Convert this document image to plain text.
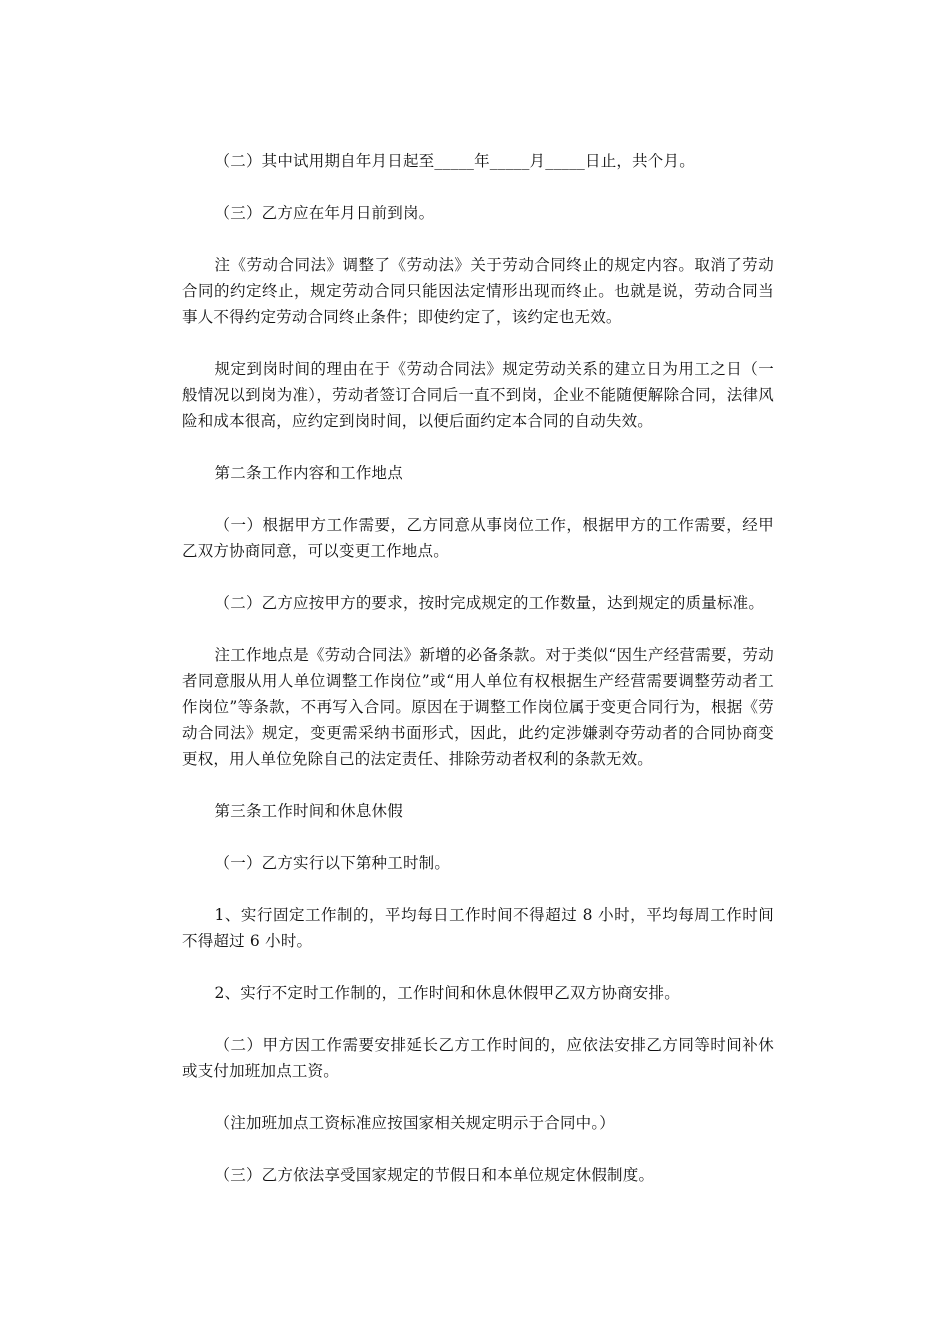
（二）其中试用期自年月日起至_____年_____月_____日止，共个月。

（三）乙方应在年月日前到岗。

注《劳动合同法》调整了《劳动法》关于劳动合同终止的规定内容。取消了劳动合同的约定终止，规定劳动合同只能因法定情形出现而终止。也就是说，劳动合同当事人不得约定劳动合同终止条件；即使约定了，该约定也无效。

规定到岗时间的理由在于《劳动合同法》规定劳动关系的建立日为用工之日（一般情况以到岗为准），劳动者签订合同后一直不到岗，企业不能随便解除合同，法律风险和成本很高，应约定到岗时间，以便后面约定本合同的自动失效。

第二条工作内容和工作地点

（一）根据甲方工作需要，乙方同意从事岗位工作，根据甲方的工作需要，经甲乙双方协商同意，可以变更工作地点。

（二）乙方应按甲方的要求，按时完成规定的工作数量，达到规定的质量标准。

注工作地点是《劳动合同法》新增的必备条款。对于类似“因生产经营需要，劳动者同意服从用人单位调整工作岗位”或“用人单位有权根据生产经营需要调整劳动者工作岗位”等条款，不再写入合同。原因在于调整工作岗位属于变更合同行为，根据《劳动合同法》规定，变更需采纳书面形式，因此，此约定涉嫌剥夺劳动者的合同协商变更权，用人单位免除自己的法定责任、排除劳动者权利的条款无效。

第三条工作时间和休息休假

（一）乙方实行以下第种工时制。

1、实行固定工作制的，平均每日工作时间不得超过 8 小时，平均每周工作时间不得超过 6 小时。

2、实行不定时工作制的，工作时间和休息休假甲乙双方协商安排。

（二）甲方因工作需要安排延长乙方工作时间的，应依法安排乙方同等时间补休或支付加班加点工资。

（注加班加点工资标准应按国家相关规定明示于合同中。）

（三）乙方依法享受国家规定的节假日和本单位规定休假制度。
